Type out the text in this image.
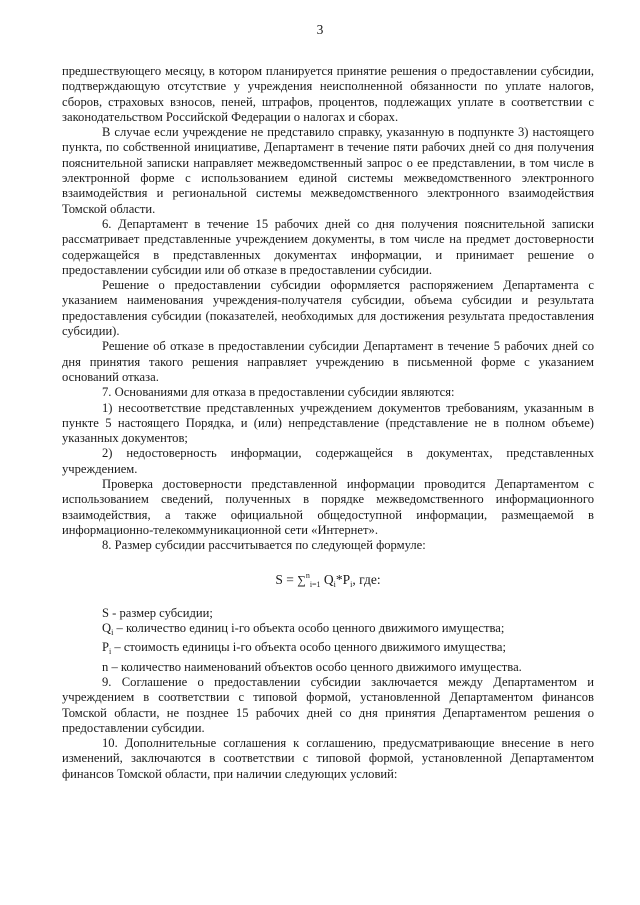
3

предшествующего месяцу, в котором планируется принятие решения о предоставлении субсидии, подтверждающую отсутствие у учреждения неисполненной обязанности по уплате налогов, сборов, страховых взносов, пеней, штрафов, процентов, подлежащих уплате в соответствии с законодательством Российской Федерации о налогах и сборах.

В случае если учреждение не представило справку, указанную в подпункте 3) настоящего пункта, по собственной инициативе, Департамент в течение пяти рабочих дней со дня получения пояснительной записки направляет межведомственный запрос о ее представлении, в том числе в электронной форме с использованием единой системы межведомственного электронного взаимодействия и региональной системы межведомственного электронного взаимодействия Томской области.

6. Департамент в течение 15 рабочих дней со дня получения пояснительной записки рассматривает представленные учреждением документы, в том числе на предмет достоверности содержащейся в представленных документах информации, и принимает решение о предоставлении субсидии или об отказе в предоставлении субсидии.

Решение о предоставлении субсидии оформляется распоряжением Департамента с указанием наименования учреждения-получателя субсидии, объема субсидии и результата предоставления субсидии (показателей, необходимых для достижения результата предоставления субсидии).

Решение об отказе в предоставлении субсидии Департамент в течение 5 рабочих дней со дня принятия такого решения направляет учреждению в письменной форме с указанием оснований отказа.

7. Основаниями для отказа в предоставлении субсидии являются:

1) несоответствие представленных учреждением документов требованиям, указанным в пункте 5 настоящего Порядка, и (или) непредставление (представление не в полном объеме) указанных документов;

2) недостоверность информации, содержащейся в документах, представленных учреждением.

Проверка достоверности представленной информации проводится Департаментом с использованием сведений, полученных в порядке межведомственного информационного взаимодействия, а также официальной общедоступной информации, размещаемой в информационно-телекоммуникационной сети «Интернет».

8. Размер субсидии рассчитывается по следующей формуле:

S = ∑$^n_{i=1}$ $Q_i*P_i$, где:

S - размер субсидии;

$Q_i$ – количество единиц i-го объекта особо ценного движимого имущества;

$P_i$ – стоимость единицы i-го объекта особо ценного движимого имущества;

n – количество наименований объектов особо ценного движимого имущества.

9. Соглашение о предоставлении субсидии заключается между Департаментом и учреждением в соответствии с типовой формой, установленной Департаментом финансов Томской области, не позднее 15 рабочих дней со дня принятия Департаментом решения о предоставлении субсидии.

10. Дополнительные соглашения к соглашению, предусматривающие внесение в него изменений, заключаются в соответствии с типовой формой, установленной Департаментом финансов Томской области, при наличии следующих условий:
